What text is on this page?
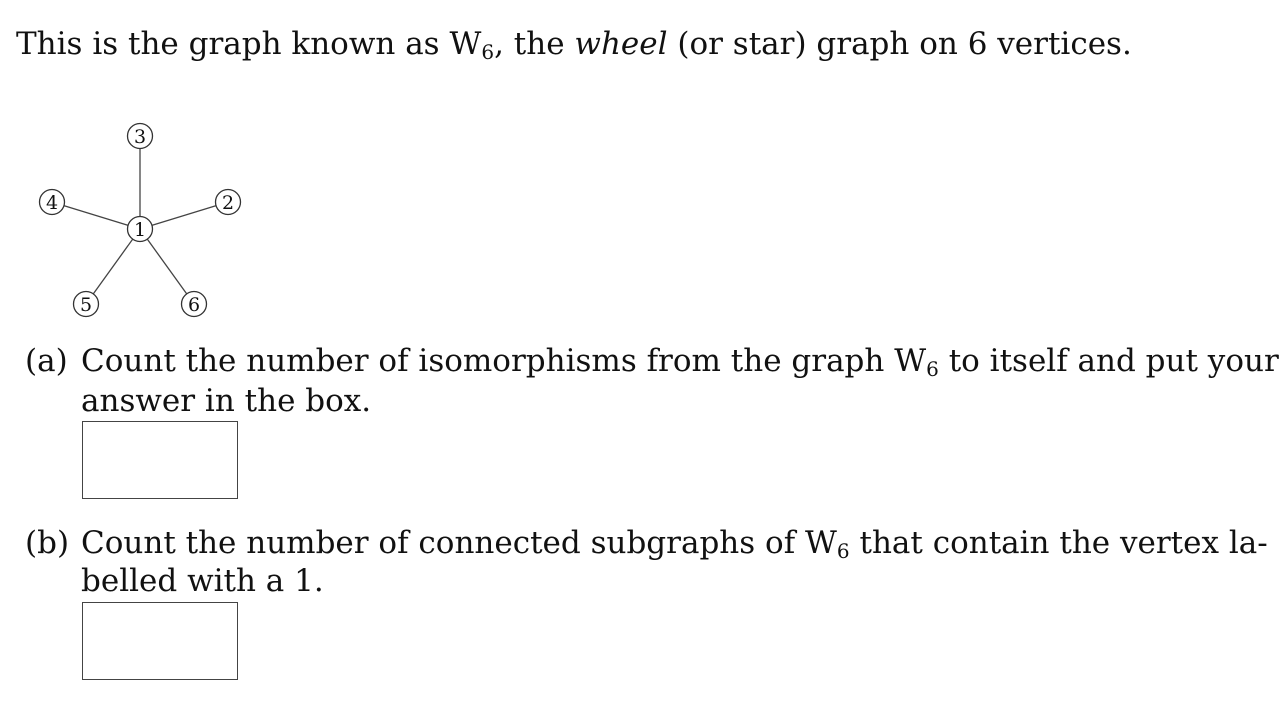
This is the graph known as $W_6$, the wheel (or star) graph on 6 vertices.
1
2
3
4
5	6
(a) Count the number of isomorphisms from the graph $W_6$ to itself and put your
answer in the box.
(b) Count the number of connected subgraphs of $W_6$ that contain the vertex la-
belled with a 1.
